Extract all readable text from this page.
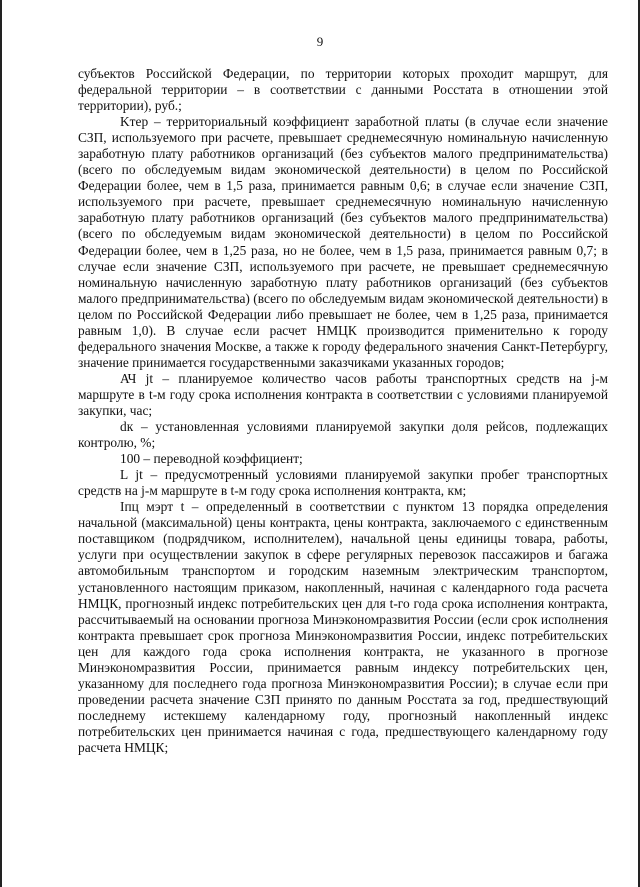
9

субъектов Российской Федерации, по территории которых проходит маршрут, для федеральной территории – в соответствии с данными Росстата в отношении этой территории), руб.;

Kтер – территориальный коэффициент заработной платы (в случае если значение СЗП, используемого при расчете, превышает среднемесячную номинальную начисленную заработную плату работников организаций (без субъектов малого предпринимательства) (всего по обследуемым видам экономической деятельности) в целом по Российской Федерации более, чем в 1,5 раза, принимается равным 0,6; в случае если значение СЗП, используемого при расчете, превышает среднемесячную номинальную начисленную заработную плату работников организаций (без субъектов малого предпринимательства) (всего по обследуемым видам экономической деятельности) в целом по Российской Федерации более, чем в 1,25 раза, но не более, чем в 1,5 раза, принимается равным 0,7; в случае если значение СЗП, используемого при расчете, не превышает среднемесячную номинальную начисленную заработную плату работников организаций (без субъектов малого предпринимательства) (всего по обследуемым видам экономической деятельности) в целом по Российской Федерации либо превышает не более, чем в 1,25 раза, принимается равным 1,0). В случае если расчет НМЦК производится применительно к городу федерального значения Москве, а также к городу федерального значения Санкт-Петербургу, значение принимается государственными заказчиками указанных городов;

АЧ jt – планируемое количество часов работы транспортных средств на j-м маршруте в t-м году срока исполнения контракта в соответствии с условиями планируемой закупки, час;

dк – установленная условиями планируемой закупки доля рейсов, подлежащих контролю, %;

100 – переводной коэффициент;

L jt – предусмотренный условиями планируемой закупки пробег транспортных средств на j-м маршруте в t-м году срока исполнения контракта, км;

Iпц мэрт t – определенный в соответствии с пунктом 13 порядка определения начальной (максимальной) цены контракта, цены контракта, заключаемого с единственным поставщиком (подрядчиком, исполнителем), начальной цены единицы товара, работы, услуги при осуществлении закупок в сфере регулярных перевозок пассажиров и багажа автомобильным транспортом и городским наземным электрическим транспортом, установленного настоящим приказом, накопленный, начиная с календарного года расчета НМЦК, прогнозный индекс потребительских цен для t-го года срока исполнения контракта, рассчитываемый на основании прогноза Минэкономразвития России (если срок исполнения контракта превышает срок прогноза Минэкономразвития России, индекс потребительских цен для каждого года срока исполнения контракта, не указанного в прогнозе Минэкономразвития России, принимается равным индексу потребительских цен, указанному для последнего года прогноза Минэкономразвития России); в случае если при проведении расчета значение СЗП принято по данным Росстата за год, предшествующий последнему истекшему календарному году, прогнозный накопленный индекс потребительских цен принимается начиная с года, предшествующего календарному году расчета НМЦК;
